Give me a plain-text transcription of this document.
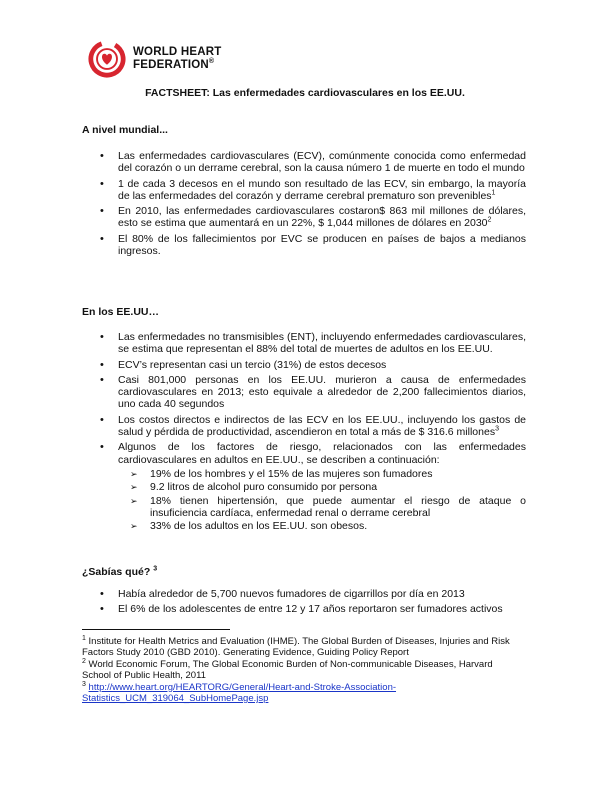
WORLD HEART
FEDERATION®
FACTSHEET: Las enfermedades cardiovasculares en los EE.UU.
A nivel mundial...
• Las enfermedades cardiovasculares (ECV), comúnmente conocida como enfermedad del corazón o un derrame cerebral, son la causa número 1 de muerte en todo el mundo
• 1 de cada 3 decesos en el mundo son resultado de las ECV, sin embargo, la mayoría de las enfermedades del corazón y derrame cerebral prematuro son prevenibles$^1$
• En 2010, las enfermedades cardiovasculares costaron$ 863 mil millones de dólares, esto se estima que aumentará en un 22%, $ 1,044 millones de dólares en 2030$^2$
• El 80% de los fallecimientos por EVC se producen en países de bajos a medianos ingresos.
En los EE.UU…
• Las enfermedades no transmisibles (ENT), incluyendo enfermedades cardiovasculares, se estima que representan el 88% del total de muertes de adultos en los EE.UU.
• ECV’s representan casi un tercio (31%) de estos decesos
• Casi 801,000 personas en los EE.UU. murieron a causa de enfermedades cardiovasculares en 2013; esto equivale a alrededor de 2,200 fallecimientos diarios, uno cada 40 segundos
• Los costos directos e indirectos de las ECV en los EE.UU., incluyendo los gastos de salud y pérdida de productividad, ascendieron en total a más de $ 316.6 millones$^3$
• Algunos de los factores de riesgo, relacionados con las enfermedades cardiovasculares en adultos en EE.UU., se describen a continuación:
➢ 19% de los hombres y el 15% de las mujeres son fumadores
➢ 9.2 litros de alcohol puro consumido por persona
➢ 18% tienen hipertensión, que puede aumentar el riesgo de ataque o insuficiencia cardíaca, enfermedad renal o derrame cerebral
➢ 33% de los adultos en los EE.UU. son obesos.
¿Sabías qué? $^3$
• Había alrededor de 5,700 nuevos fumadores de cigarrillos por día en 2013
• El 6% de los adolescentes de entre 12 y 17 años reportaron ser fumadores activos

$^1$ Institute for Health Metrics and Evaluation (IHME). The Global Burden of Diseases, Injuries and Risk Factors Study 2010 (GBD 2010). Generating Evidence, Guiding Policy Report

$^2$ World Economic Forum, The Global Economic Burden of Non-communicable Diseases, Harvard School of Public Health, 2011

$^3$ http://www.heart.org/HEARTORG/General/Heart-and-Stroke-Association-Statistics_UCM_319064_SubHomePage.jsp
